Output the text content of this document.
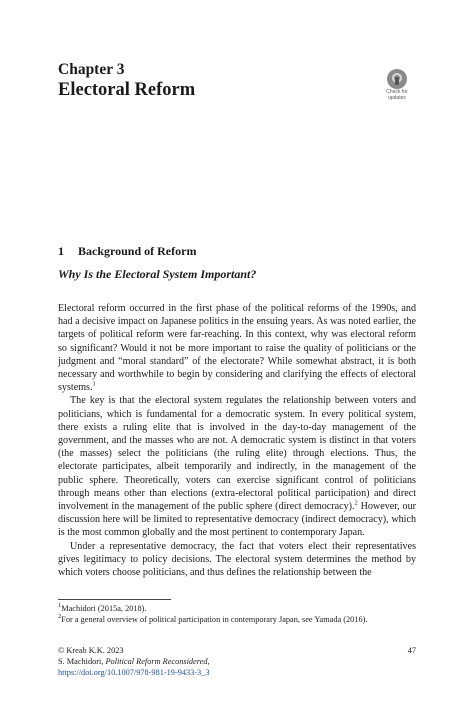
Chapter 3
Electoral Reform	Check for
updates
1 Background of Reform
Why Is the Electoral System Important?

Electoral reform occurred in the first phase of the political reforms of the 1990s, and had a decisive impact on Japanese politics in the ensuing years. As was noted earlier, the targets of political reform were far-reaching. In this context, why was electoral reform so significant? Would it not be more important to raise the quality of politicians or the judgment and “moral standard” of the electorate? While somewhat abstract, it is both necessary and worthwhile to begin by considering and clarifying the effects of electoral systems.$^1$

The key is that the electoral system regulates the relationship between voters and politicians, which is fundamental for a democratic system. In every political system, there exists a ruling elite that is involved in the day-to-day management of the government, and the masses who are not. A democratic system is distinct in that voters (the masses) select the politicians (the ruling elite) through elections. Thus, the electorate participates, albeit temporarily and indirectly, in the management of the public sphere. Theoretically, voters can exercise significant control of politicians through means other than elections (extra-electoral political participation) and direct involvement in the management of the public sphere (direct democracy).$^2$ However, our discussion here will be limited to representative democracy (indirect democracy), which is the most common globally and the most pertinent to contemporary Japan.

Under a representative democracy, the fact that voters elect their representatives gives legitimacy to policy decisions. The electoral system determines the method by which voters choose politicians, and thus defines the relationship between the

$^1$Machidori (2015a, 2018).
$^2$For a general overview of political participation in contemporary Japan, see Yamada (2016).
© Kreab K.K. 2023	47
S. Machidori, Political Reform Reconsidered,
https://doi.org/10.1007/978-981-19-9433-3_3
